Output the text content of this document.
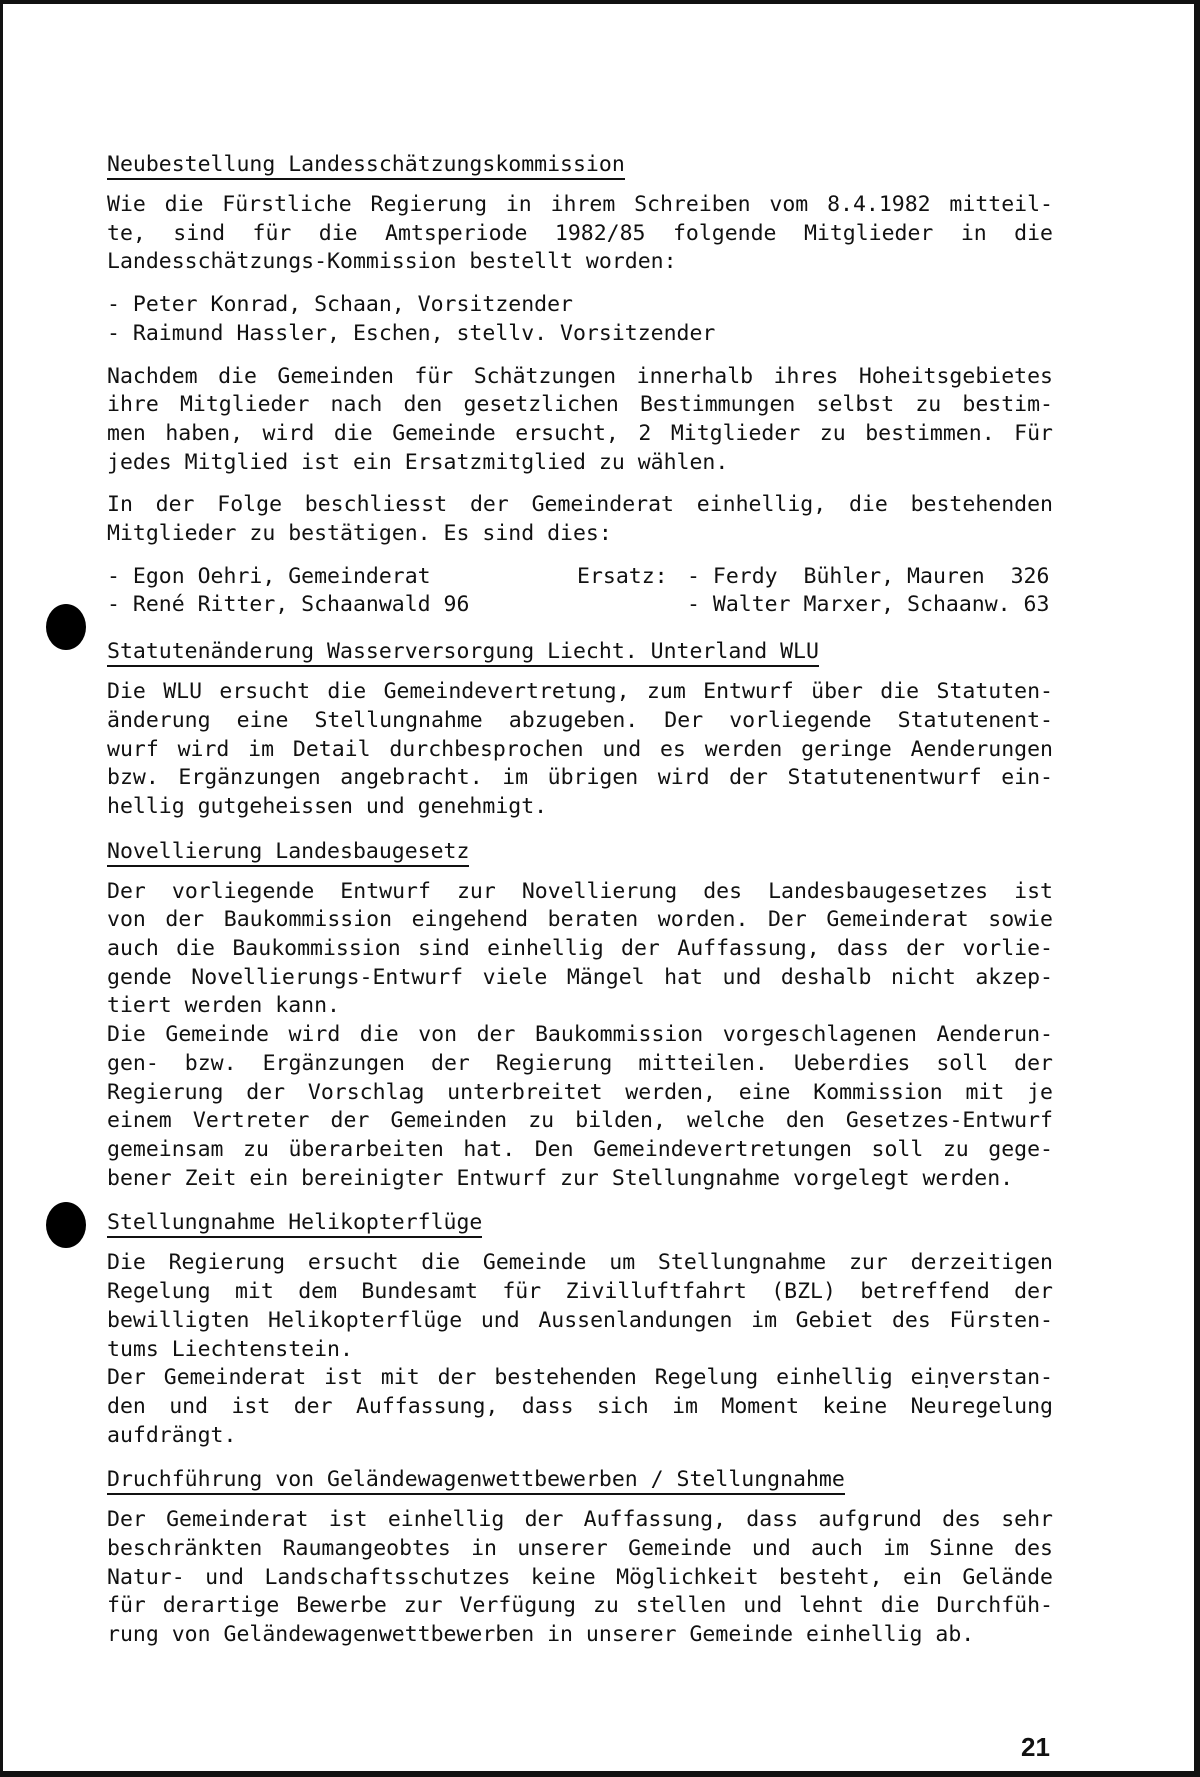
Neubestellung Landesschätzungskommission
Wie die Fürstliche Regierung in ihrem Schreiben vom 8.4.1982 mitteil-
te, sind für die Amtsperiode 1982/85 folgende Mitglieder in die
Landesschätzungs-Kommission bestellt worden:
- Peter Konrad, Schaan, Vorsitzender
- Raimund Hassler, Eschen, stellv. Vorsitzender
Nachdem die Gemeinden für Schätzungen innerhalb ihres Hoheitsgebietes
ihre Mitglieder nach den gesetzlichen Bestimmungen selbst zu bestim-
men haben, wird die Gemeinde ersucht, 2 Mitglieder zu bestimmen. Für
jedes Mitglied ist ein Ersatzmitglied zu wählen.
In der Folge beschliesst der Gemeinderat einhellig, die bestehenden
Mitglieder zu bestätigen. Es sind dies:
- Egon Oehri, Gemeinderat	Ersatz: - Ferdy  Bühler, Mauren  326
- René Ritter, Schaanwald 96	- Walter Marxer, Schaanw. 63
Statutenänderung Wasserversorgung Liecht. Unterland WLU
Die WLU ersucht die Gemeindevertretung, zum Entwurf über die Statuten-
änderung eine Stellungnahme abzugeben. Der vorliegende Statutenent-
wurf wird im Detail durchbesprochen und es werden geringe Aenderungen
bzw. Ergänzungen angebracht. im übrigen wird der Statutenentwurf ein-
hellig gutgeheissen und genehmigt.
Novellierung Landesbaugesetz
Der vorliegende Entwurf zur Novellierung des Landesbaugesetzes ist
von der Baukommission eingehend beraten worden. Der Gemeinderat sowie
auch die Baukommission sind einhellig der Auffassung, dass der vorlie-
gende Novellierungs-Entwurf viele Mängel hat und deshalb nicht akzep-
tiert werden kann.
Die Gemeinde wird die von der Baukommission vorgeschlagenen Aenderun-
gen- bzw. Ergänzungen der Regierung mitteilen. Ueberdies soll der
Regierung der Vorschlag unterbreitet werden, eine Kommission mit je
einem Vertreter der Gemeinden zu bilden, welche den Gesetzes-Entwurf
gemeinsam zu überarbeiten hat. Den Gemeindevertretungen soll zu gege-
bener Zeit ein bereinigter Entwurf zur Stellungnahme vorgelegt werden.
Stellungnahme Helikopterflüge
Die Regierung ersucht die Gemeinde um Stellungnahme zur derzeitigen
Regelung mit dem Bundesamt für Zivilluftfahrt (BZL) betreffend der
bewilligten Helikopterflüge und Aussenlandungen im Gebiet des Fürsten-
tums Liechtenstein.
Der Gemeinderat ist mit der bestehenden Regelung einhellig einverstan-
den und ist der Auffassung, dass sich im Moment keine Neuregelung
aufdrängt.
Druchführung von Geländewagenwettbewerben / Stellungnahme
Der Gemeinderat ist einhellig der Auffassung, dass aufgrund des sehr
beschränkten Raumangeobtes in unserer Gemeinde und auch im Sinne des
Natur- und Landschaftsschutzes keine Möglichkeit besteht, ein Gelände
für derartige Bewerbe zur Verfügung zu stellen und lehnt die Durchfüh-
rung von Geländewagenwettbewerben in unserer Gemeinde einhellig ab.
21
